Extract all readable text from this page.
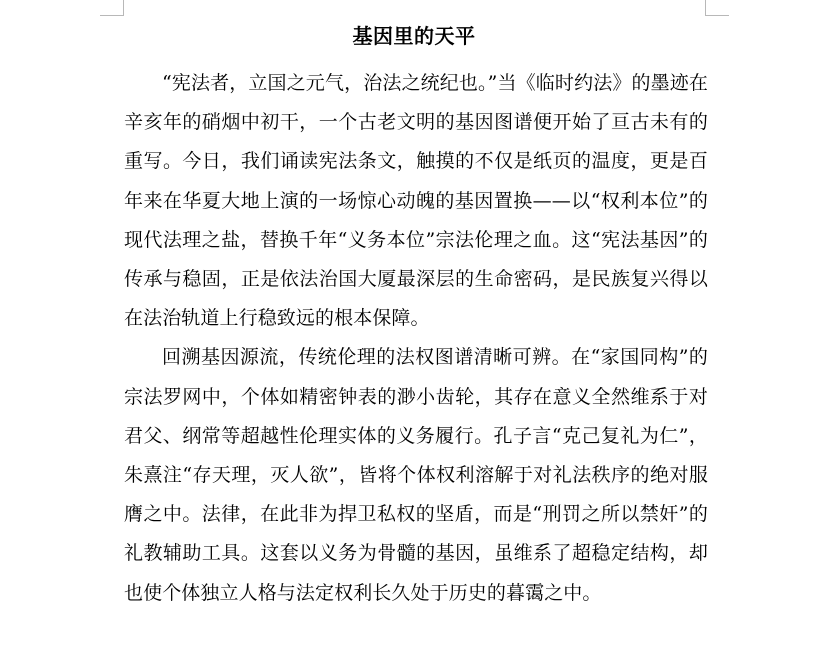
基因里的天平

“宪法者，立国之元气，治法之统纪也。”当《临时约法》的墨迹在辛亥年的硝烟中初干，一个古老文明的基因图谱便开始了亘古未有的重写。今日，我们诵读宪法条文，触摸的不仅是纸页的温度，更是百年来在华夏大地上演的一场惊心动魄的基因置换——以“权利本位”的现代法理之盐，替换千年“义务本位”宗法伦理之血。这“宪法基因”的传承与稳固，正是依法治国大厦最深层的生命密码，是民族复兴得以在法治轨道上行稳致远的根本保障。

回溯基因源流，传统伦理的法权图谱清晰可辨。在“家国同构”的宗法罗网中，个体如精密钟表的渺小齿轮，其存在意义全然维系于对君父、纲常等超越性伦理实体的义务履行。孔子言“克己复礼为仁”，朱熹注“存天理，灭人欲”，皆将个体权利溶解于对礼法秩序的绝对服膺之中。法律，在此非为捍卫私权的坚盾，而是“刑罚之所以禁奸”的礼教辅助工具。这套以义务为骨髓的基因，虽维系了超稳定结构，却也使个体独立人格与法定权利长久处于历史的暮霭之中。
